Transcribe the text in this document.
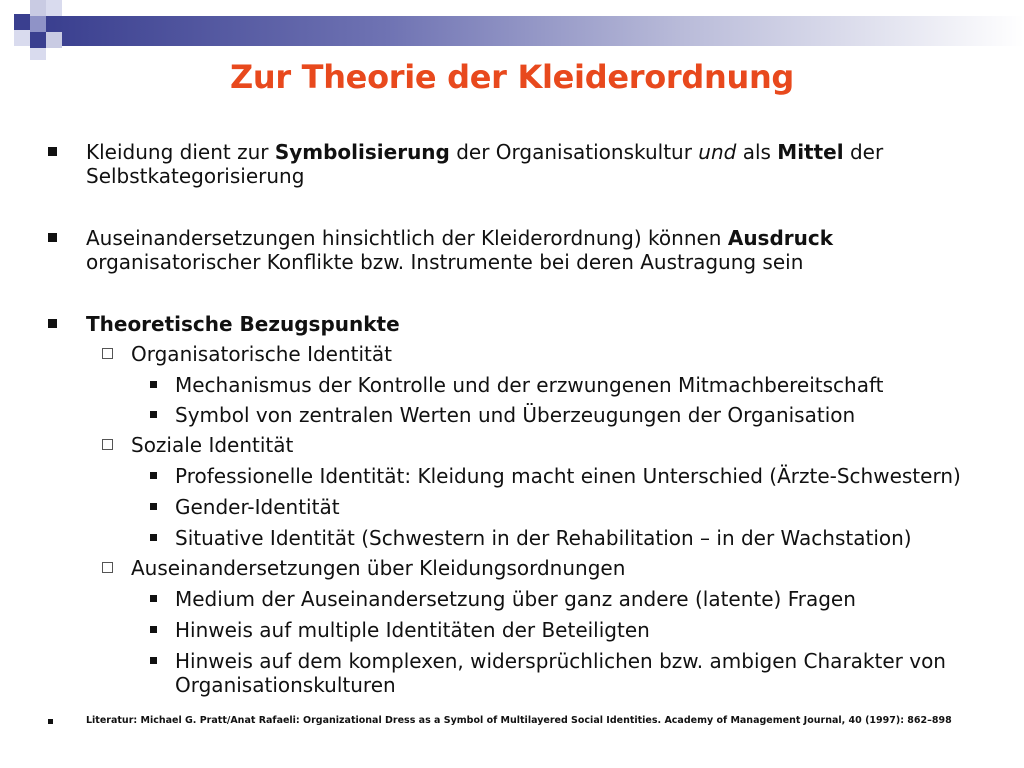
Zur Theorie der Kleiderordnung
Kleidung dient zur Symbolisierung der Organisationskultur und als Mittel der
Selbstkategorisierung
Auseinandersetzungen hinsichtlich der Kleiderordnung) können Ausdruck
organisatorischer Konflikte bzw. Instrumente bei deren Austragung sein
Theoretische Bezugspunkte
Organisatorische Identität
Mechanismus der Kontrolle und der erzwungenen Mitmachbereitschaft
Symbol von zentralen Werten und Überzeugungen der Organisation
Soziale Identität
Professionelle Identität: Kleidung macht einen Unterschied (Ärzte-Schwestern)
Gender-Identität
Situative Identität (Schwestern in der Rehabilitation – in der Wachstation)
Auseinandersetzungen über Kleidungsordnungen
Medium der Auseinandersetzung über ganz andere (latente) Fragen
Hinweis auf multiple Identitäten der Beteiligten
Hinweis auf dem komplexen, widersprüchlichen bzw. ambigen Charakter von
Organisationskulturen
Literatur: Michael G. Pratt/Anat Rafaeli: Organizational Dress as a Symbol of Multilayered Social Identities. Academy of Management Journal, 40 (1997): 862–898
